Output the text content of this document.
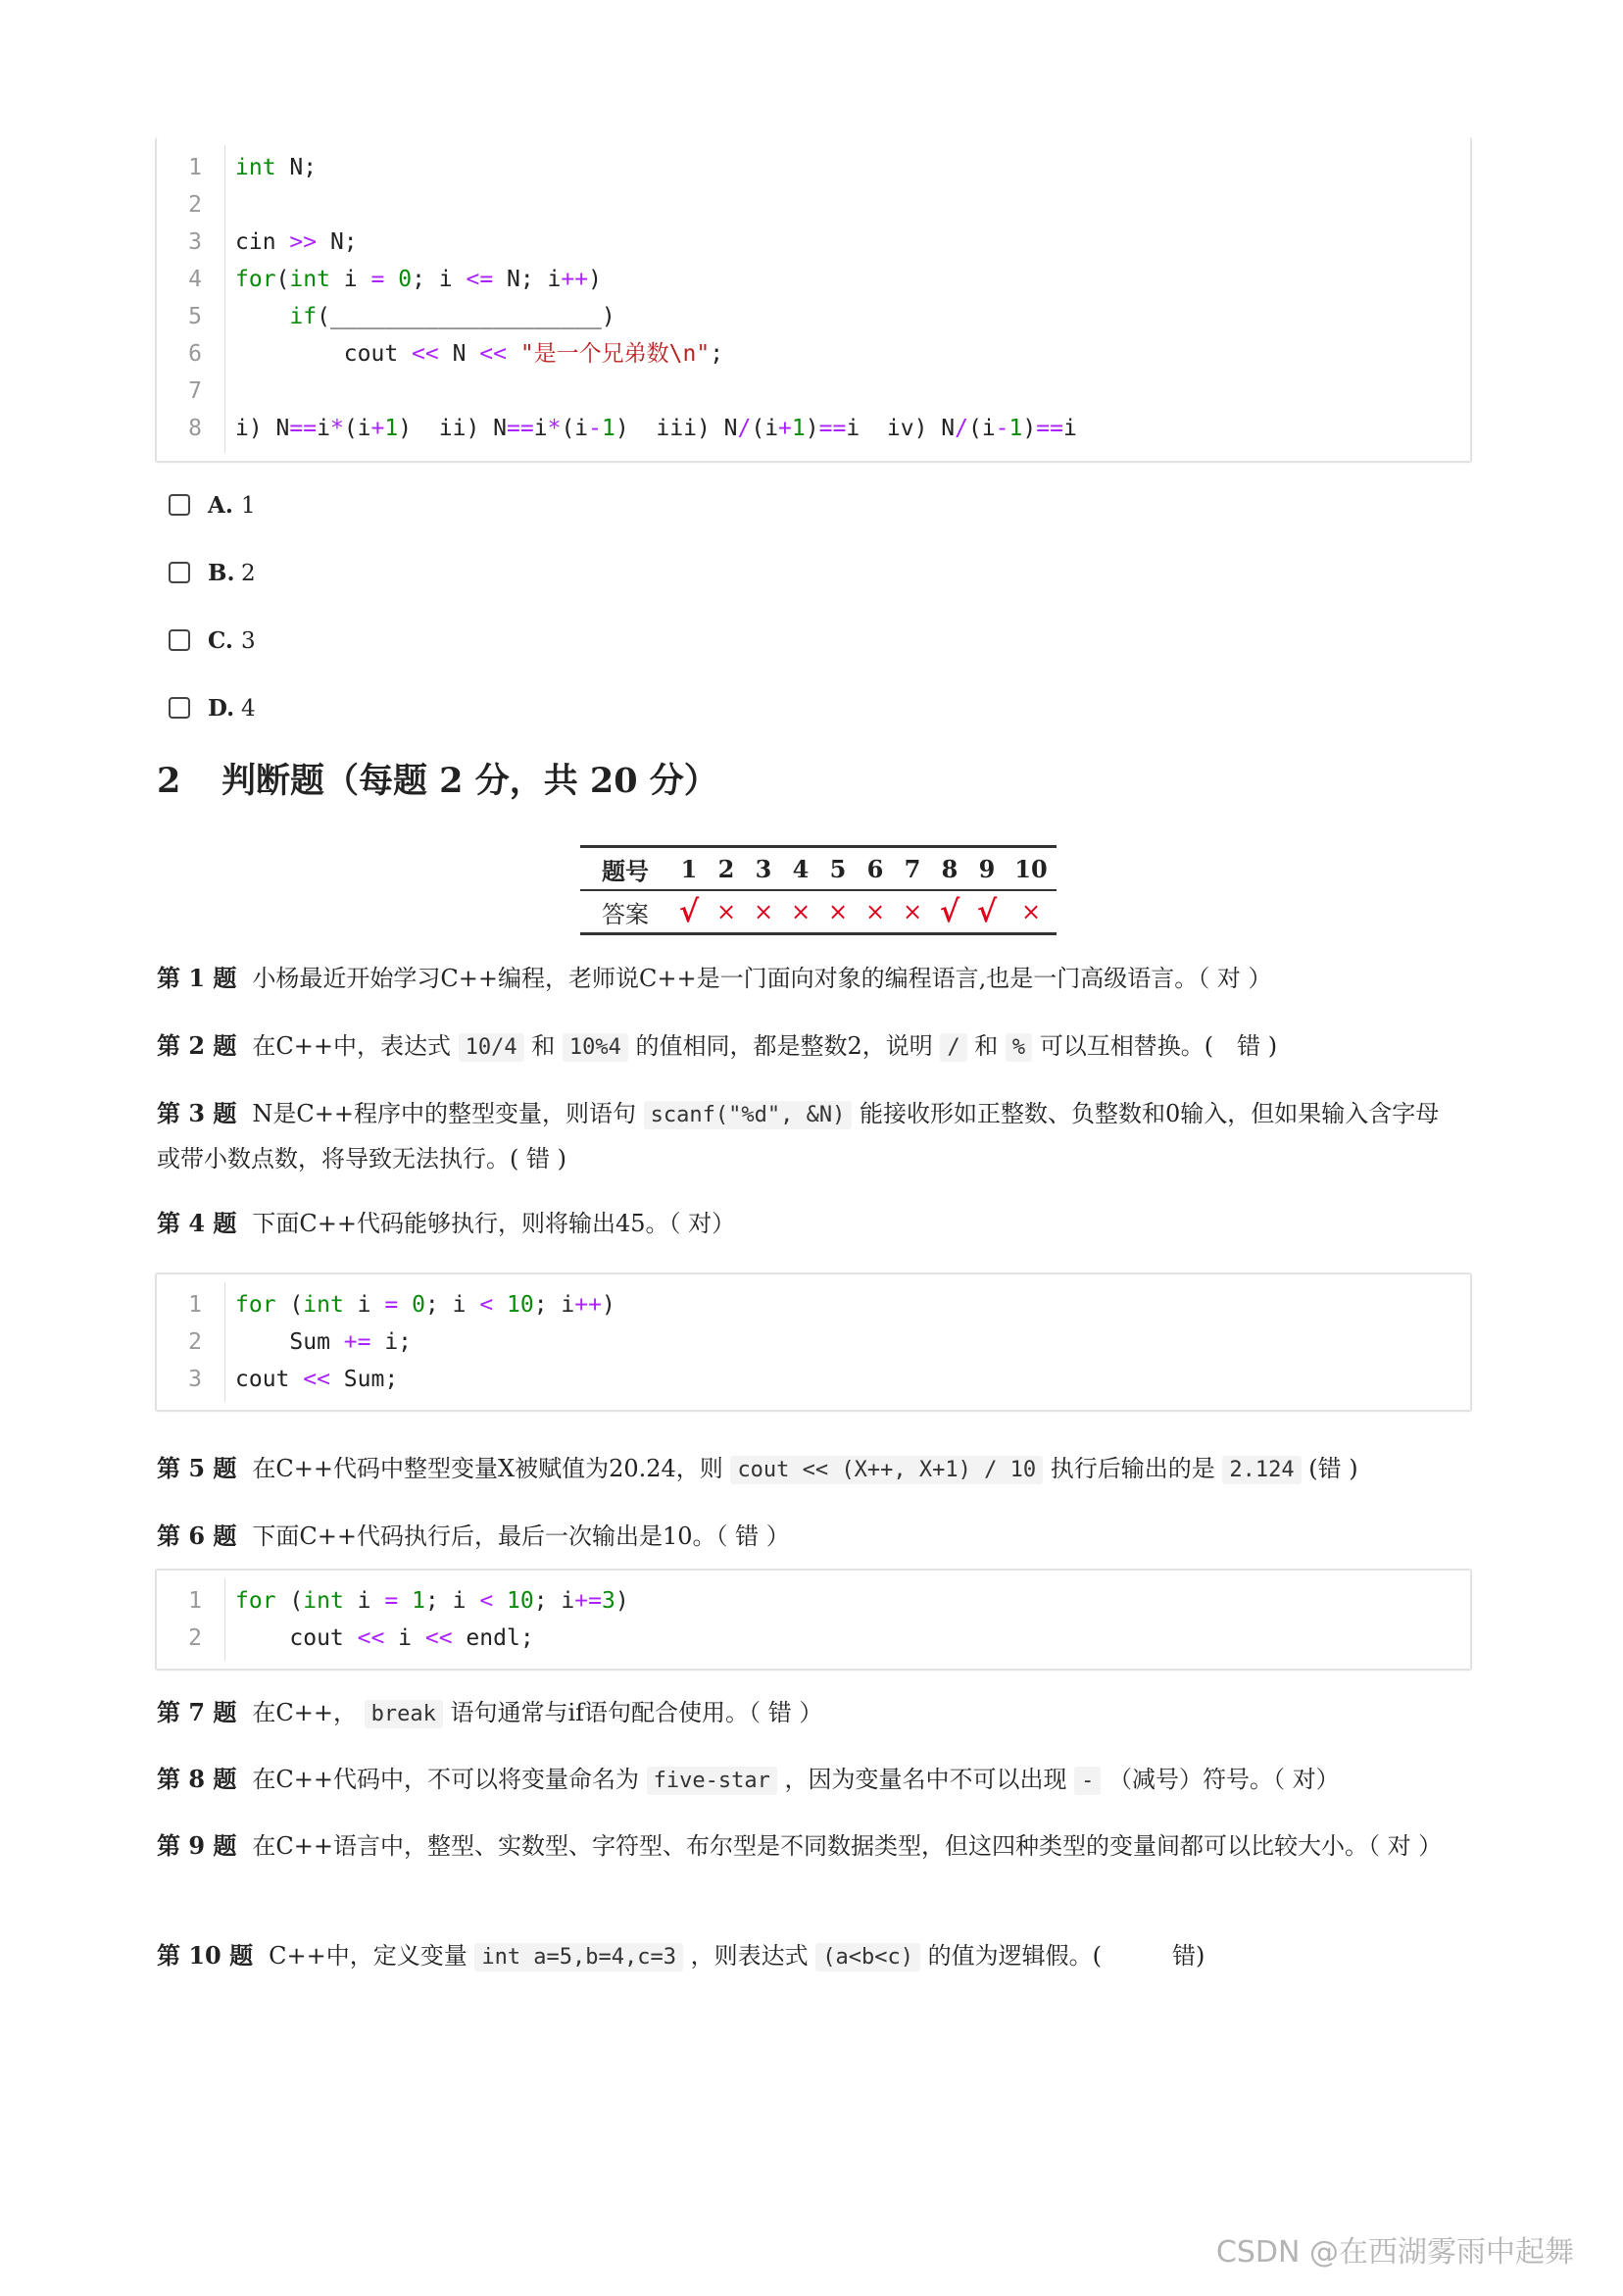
1	int N;
2
3	cin >> N;
4	for(int i = 0; i <= N; i++)
5	if(____________________)
6	cout << N << "是一个兄弟数\n";
7
8	i) N==i*(i+1)  ii) N==i*(i-1)  iii) N/(i+1)==i  iv) N/(i-1)==i
A. 1
B. 2
C. 3
D. 4
2 判断题（每题 2 分，共 20 分）
题号	1	2	3	4	5	6	7	8	9	10
答案	√	×	×	×	×	×	×	√	√	×
第 1 题 小杨最近开始学习C++编程，老师说C++是一门面向对象的编程语言,也是一门高级语言。（ 对 ）
第 2 题 在C++中，表达式 10/4 和 10%4 的值相同，都是整数2，说明 / 和 % 可以互相替换。(　错 )
第 3 题 N是C++程序中的整型变量，则语句 scanf("%d", &N) 能接收形如正整数、负整数和0输入，但如果输入含字母或带小数点数，将导致无法执行。( 错 )
第 4 题 下面C++代码能够执行，则将输出45。（ 对）
1	for (int i = 0; i < 10; i++)
2	Sum += i;
3	cout << Sum;
第 5 题 在C++代码中整型变量X被赋值为20.24，则 cout << (X++, X+1) / 10 执行后输出的是 2.124 (错 )
第 6 题 下面C++代码执行后，最后一次输出是10。（ 错 ）
1	for (int i = 1; i < 10; i+=3)
2	cout << i << endl;
第 7 题 在C++， break 语句通常与if语句配合使用。（ 错 ）
第 8 题 在C++代码中，不可以将变量命名为 five-star ，因为变量名中不可以出现 - （减号）符号。（ 对）
第 9 题 在C++语言中，整型、实数型、字符型、布尔型是不同数据类型，但这四种类型的变量间都可以比较大小。（ 对 ）
第 10 题 C++中，定义变量 int a=5,b=4,c=3 ，则表达式 (a<b<c) 的值为逻辑假。(　　　错)
CSDN @在西湖雾雨中起舞
